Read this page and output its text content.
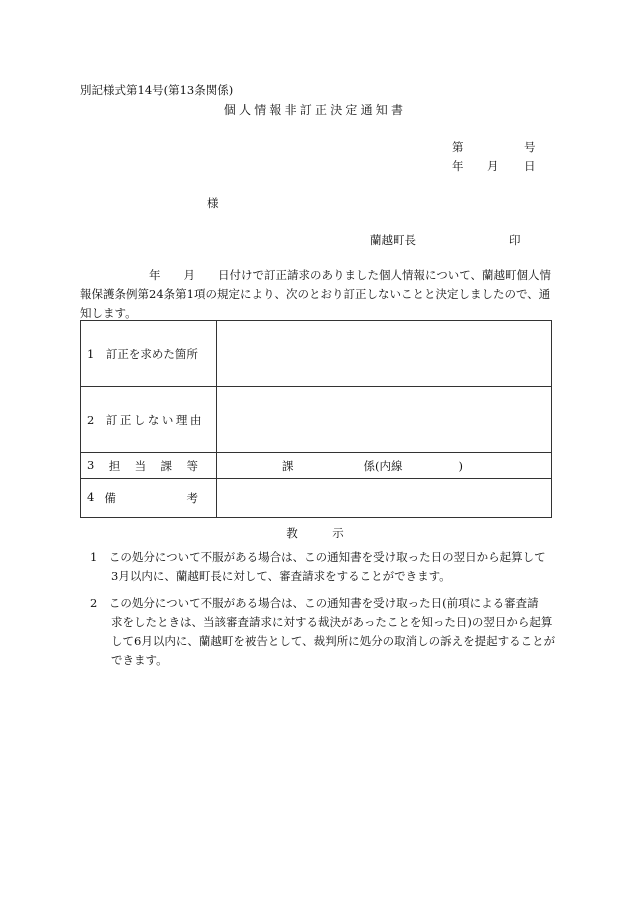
別記様式第14号(第13条関係)
個人情報非訂正決定通知書
第	号
年 月 日
様
蘭越町長	印
　　　　　　年　　月　　日付けで訂正請求のありました個人情報について、蘭越町個人情
報保護条例第24条第1項の規定により、次のとおり訂正しないことと決定しましたので、通
知します。
1　 訂正を求めた箇所	
2　 訂正しない理由	

3 担 当 課 等	課 係(内線 )

4 備 考	

教　　　示
1　 この処分について不服がある場合は、この通知書を受け取った日の翌日から起算して
3月以内に、蘭越町長に対して、審査請求をすることができます。
2　 この処分について不服がある場合は、この通知書を受け取った日(前項による審査請
求をしたときは、当該審査請求に対する裁決があったことを知った日)の翌日から起算
して6月以内に、蘭越町を被告として、裁判所に処分の取消しの訴えを提起することが
できます。
